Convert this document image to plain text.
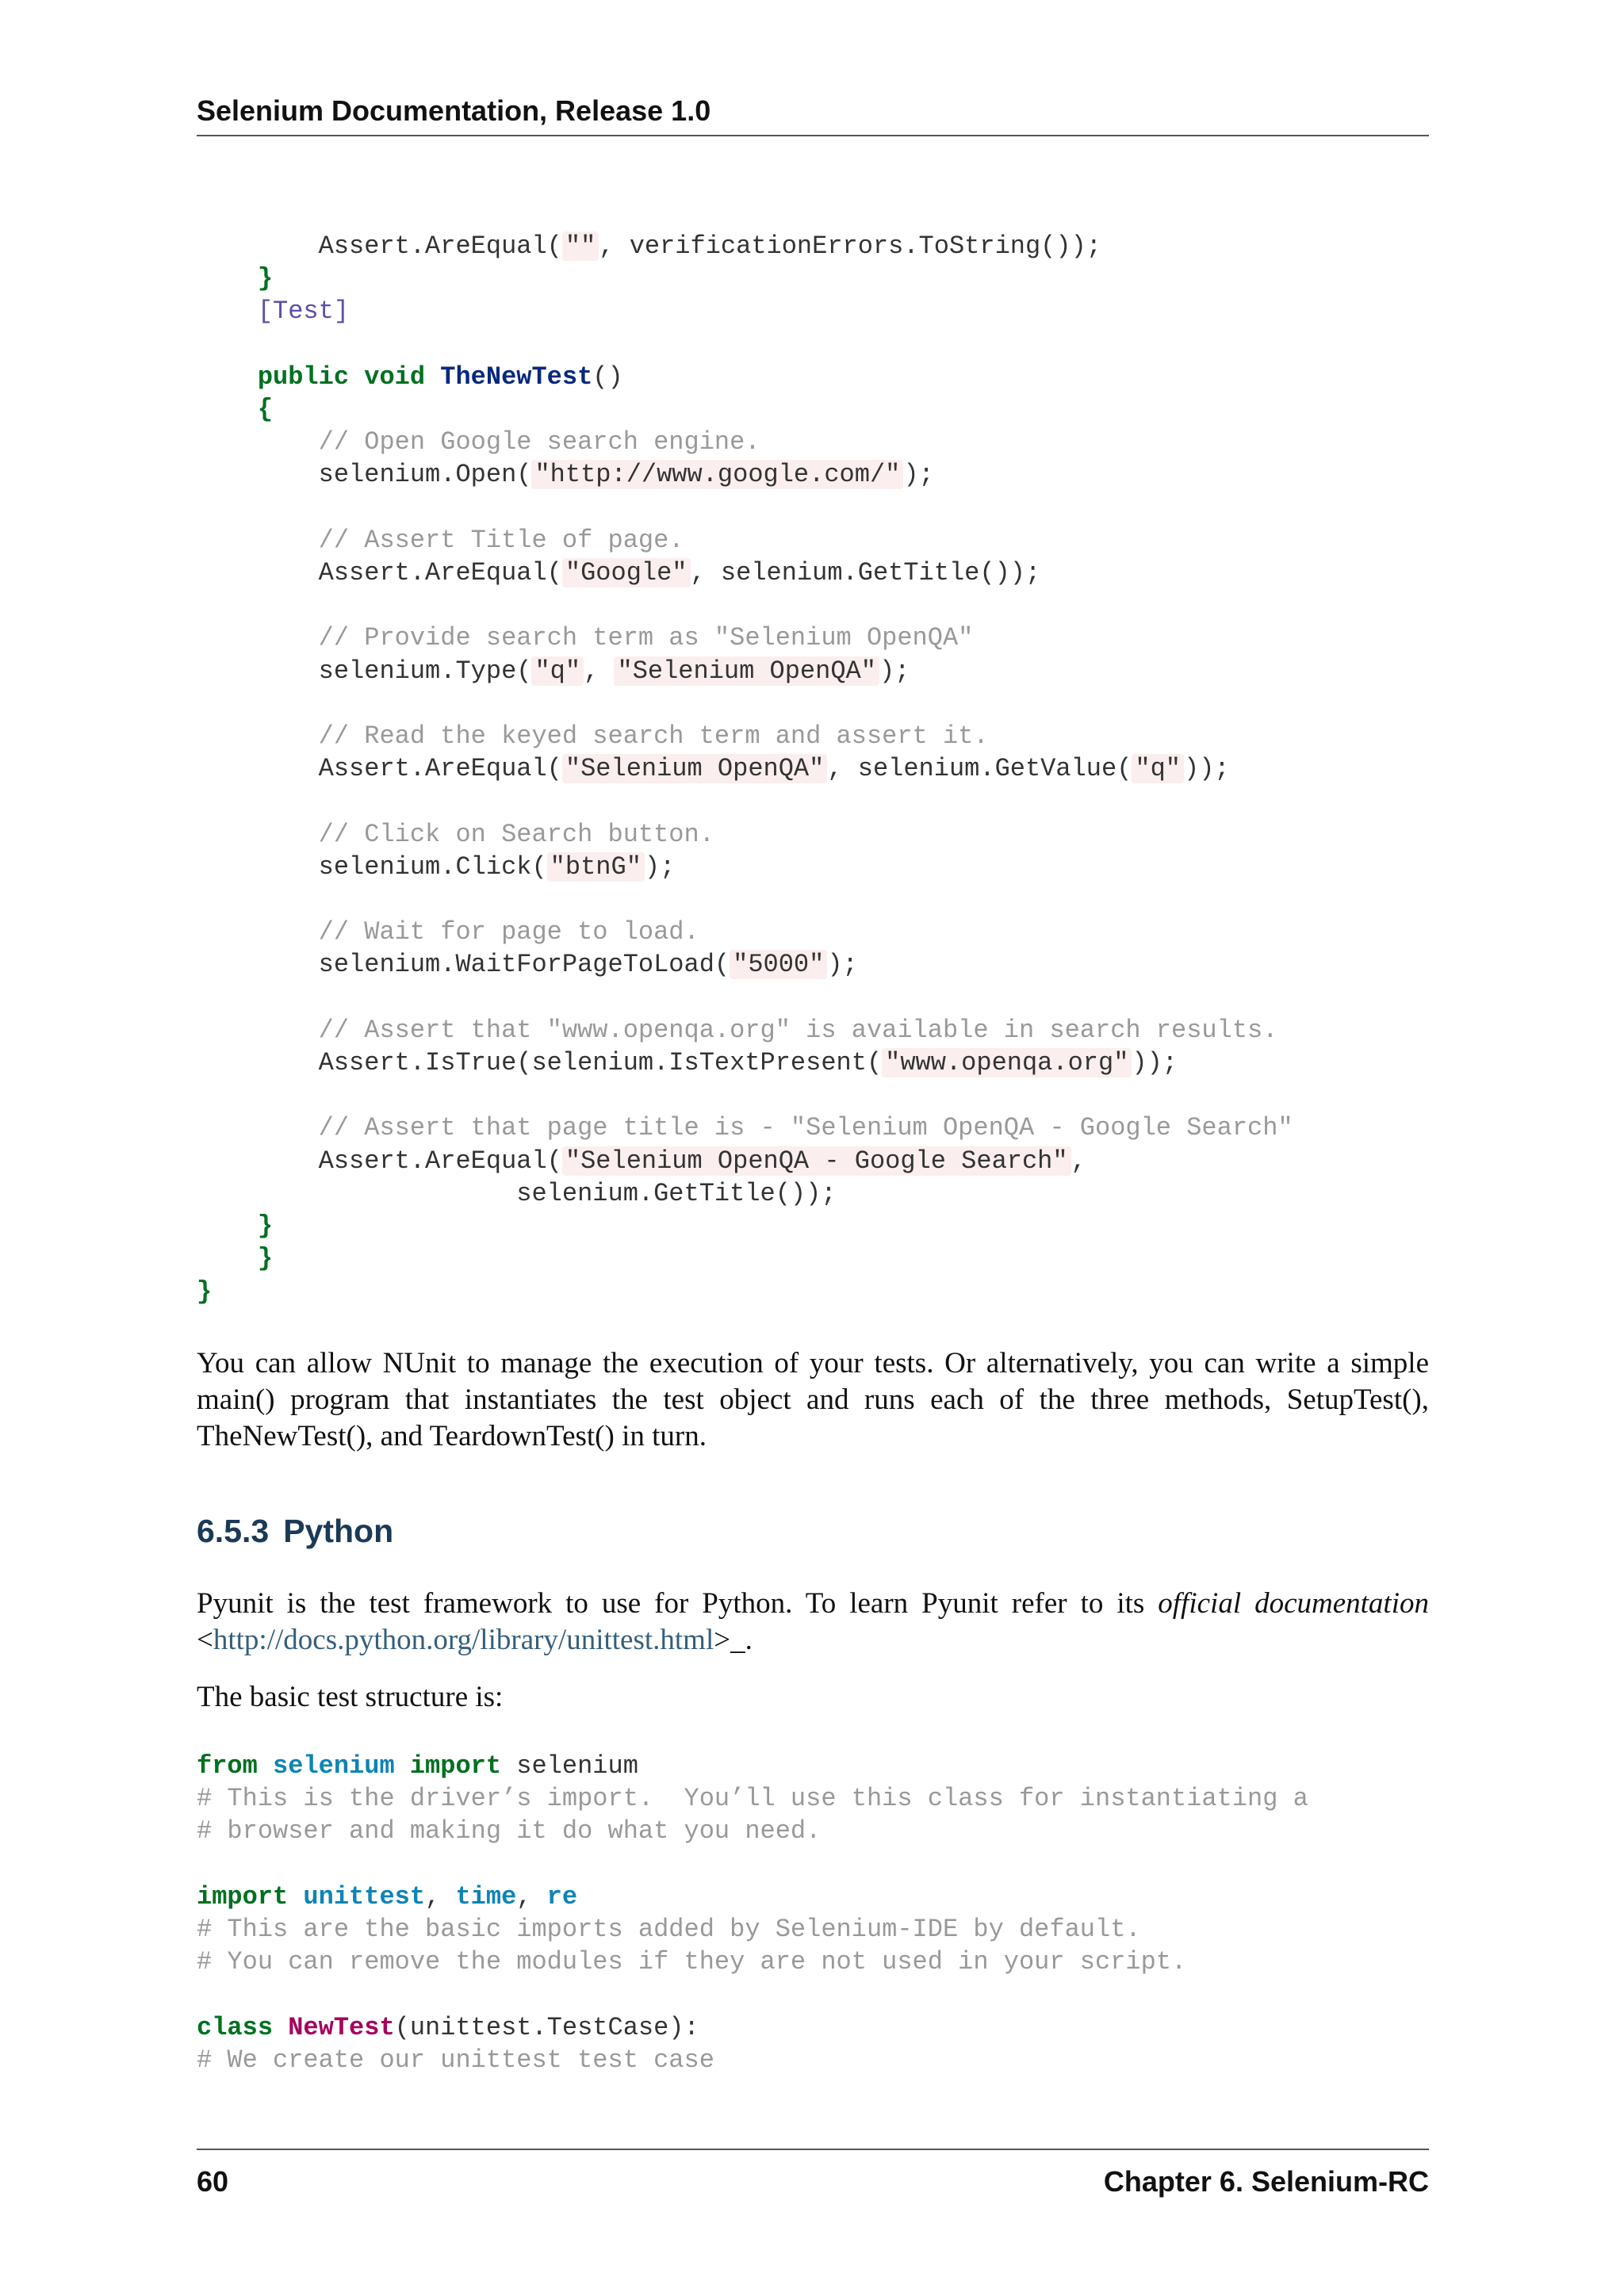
Selenium Documentation, Release 1.0
Assert.AreEqual( "" , verificationErrors.ToString());
}
[Test]

public void TheNewTest()
{
// Open Google search engine.
selenium.Open( "http://www.google.com/" );

// Assert Title of page.
Assert.AreEqual( "Google" , selenium.GetTitle());

// Provide search term as "Selenium OpenQA"
selenium.Type( "q" , "Selenium OpenQA" );

// Read the keyed search term and assert it.
Assert.AreEqual( "Selenium OpenQA" , selenium.GetValue( "q" ));

// Click on Search button.
selenium.Click( "btnG" );

// Wait for page to load.
selenium.WaitForPageToLoad( "5000" );

// Assert that "www.openqa.org" is available in search results.
Assert.IsTrue(selenium.IsTextPresent( "www.openqa.org" ));

// Assert that page title is - "Selenium OpenQA - Google Search"
Assert.AreEqual( "Selenium OpenQA - Google Search" ,
selenium.GetTitle());
}
}
}

You can allow NUnit to manage the execution of your tests. Or alternatively, you can write a simple main() program that instantiates the test object and runs each of the three methods, SetupTest(), TheNewTest(), and TeardownTest() in turn.

6.5.3 Python

Pyunit is the test framework to use for Python. To learn Pyunit refer to its official documentation <http://docs.python.org/library/unittest.html>_.

The basic test structure is:

from selenium import selenium
# This is the driver’s import.  You’ll use this class for instantiating a
# browser and making it do what you need.

import unittest, time, re
# This are the basic imports added by Selenium-IDE by default.
# You can remove the modules if they are not used in your script.

class NewTest(unittest.TestCase):
# We create our unittest test case
60	Chapter 6. Selenium-RC
